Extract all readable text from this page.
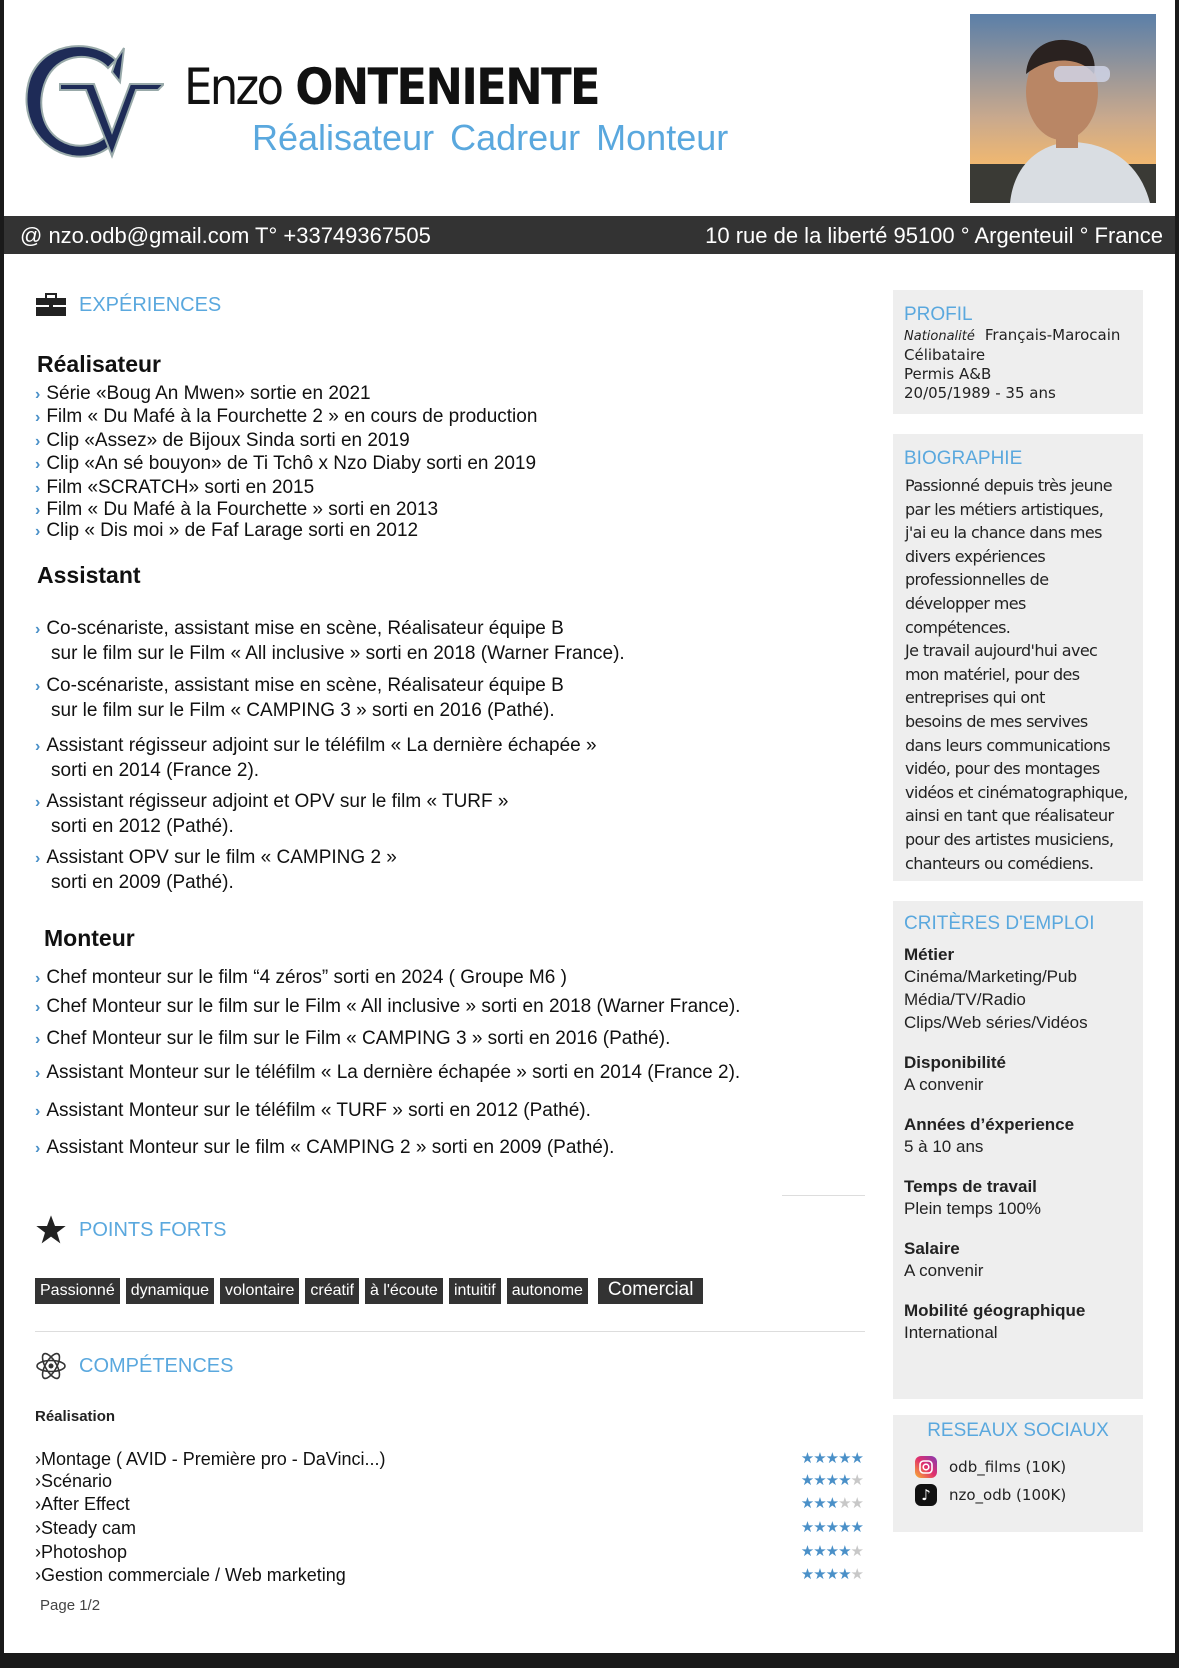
Enzo ONTENIENTE
Réalisateur Cadreur Monteur
@ nzo.odb@gmail.com T° +33749367505	10 rue de la liberté 95100 ° Argenteuil ° France
EXPÉRIENCES
Réalisateur
Assistant
Monteur
POINTS FORTS
Passionné	dynamique	volontaire	créatif	à l'écoute	intuitif	autonome	Comercial
COMPÉTENCES
Réalisation
Page 1/2
PROFIL
Nationalité Français-Marocain
Célibataire
Permis A&B
20/05/1989 - 35 ans
BIOGRAPHIE
Passionné depuis très jeune
par les métiers artistiques,
j'ai eu la chance dans mes
divers expériences
professionnelles de
développer mes compétences.
Je travail aujourd'hui avec
mon matériel, pour des
entreprises qui ont
besoins de mes servives
dans leurs communications
vidéo, pour des montages
vidéos et cinématographique,
ainsi en tant que réalisateur
pour des artistes musiciens,
chanteurs ou comédiens.
CRITÈRES D'EMPLOI
Métier
Cinéma/Marketing/Pub
Média/TV/Radio
Clips/Web séries/Vidéos
Disponibilité
A convenir
Années d’éxperience
5 à 10 ans
Temps de travail
Plein temps 100%
Salaire
A convenir
Mobilité géographique
International
RESEAUX SOCIAUX
odb_films (10K)
♪	nzo_odb (100K)
› Série «Boug An Mwen» sortie en 2021
› Film « Du Mafé à la Fourchette 2 » en cours de production
› Clip «Assez» de Bijoux Sinda sorti en 2019
› Clip «An sé bouyon» de Ti Tchô x Nzo Diaby sorti en 2019
› Film «SCRATCH» sorti en 2015
› Film « Du Mafé à la Fourchette » sorti en 2013
› Clip « Dis moi » de Faf Larage sorti en 2012
› Co-scénariste, assistant mise en scène, Réalisateur équipe B
sur le film sur le Film « All inclusive » sorti en 2018 (Warner France).
› Co-scénariste, assistant mise en scène, Réalisateur équipe B
sur le film sur le Film « CAMPING 3 » sorti en 2016 (Pathé).
› Assistant régisseur adjoint sur le téléfilm « La dernière échapée »
sorti en 2014 (France 2).
› Assistant régisseur adjoint et OPV sur le film « TURF »
sorti en 2012 (Pathé).
› Assistant OPV sur le film « CAMPING 2 »
sorti en 2009 (Pathé).
› Chef monteur sur le film “4 zéros” sorti en 2024 ( Groupe M6 )
› Chef Monteur sur le film sur le Film « All inclusive » sorti en 2018 (Warner France).
› Chef Monteur sur le film sur le Film « CAMPING 3 » sorti en 2016 (Pathé).
› Assistant Monteur sur le téléfilm « La dernière échapée » sorti en 2014 (France 2).
› Assistant Monteur sur le téléfilm « TURF » sorti en 2012 (Pathé).
› Assistant Monteur sur le film « CAMPING 2 » sorti en 2009 (Pathé).
›Montage ( AVID - Première pro - DaVinci...)	★★★★★
›Scénario	★★★★★
›After Effect	★★★★★
›Steady cam	★★★★★
›Photoshop	★★★★★
›Gestion commerciale / Web marketing	★★★★★
